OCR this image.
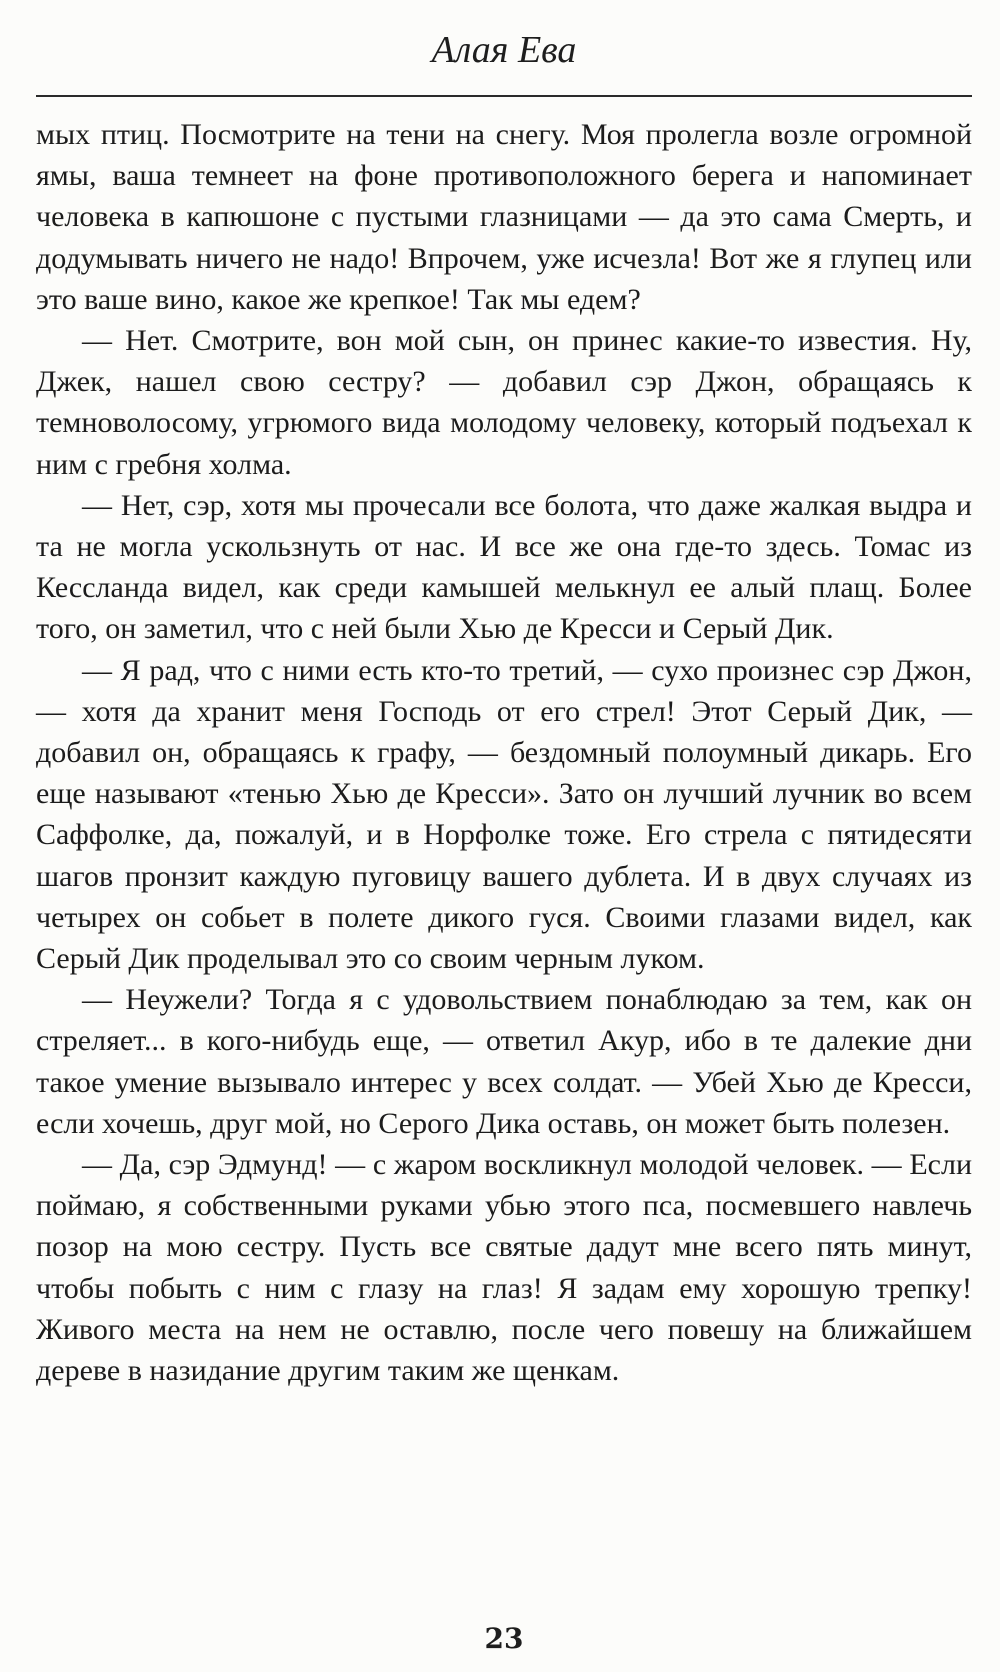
Алая Ева

мых птиц. Посмотрите на тени на снегу. Моя пролегла возле огромной ямы, ваша темнеет на фоне противоположного берега и напоминает человека в капюшоне с пустыми глазницами — да это сама Смерть, и додумывать ничего не надо! Впрочем, уже исчезла! Вот же я глупец или это ваше вино, какое же крепкое! Так мы едем?

— Нет. Смотрите, вон мой сын, он принес какие-то известия. Ну, Джек, нашел свою сестру? — добавил сэр Джон, обращаясь к темноволосому, угрюмого вида молодому человеку, который подъехал к ним с гребня холма.

— Нет, сэр, хотя мы прочесали все болота, что даже жалкая выдра и та не могла ускользнуть от нас. И все же она где-то здесь. Томас из Кессланда видел, как среди камышей мелькнул ее алый плащ. Более того, он заметил, что с ней были Хью де Кресси и Серый Дик.

— Я рад, что с ними есть кто-то третий, — сухо произнес сэр Джон, — хотя да хранит меня Господь от его стрел! Этот Серый Дик, — добавил он, обращаясь к графу, — бездомный полоумный дикарь. Его еще называют «тенью Хью де Кресси». Зато он лучший лучник во всем Саффолке, да, пожалуй, и в Норфолке тоже. Его стрела с пятидесяти шагов пронзит каждую пуговицу вашего дублета. И в двух случаях из четырех он собьет в полете дикого гуся. Своими глазами видел, как Серый Дик проделывал это со своим черным луком.

— Неужели? Тогда я с удовольствием понаблюдаю за тем, как он стреляет... в кого-нибудь еще, — ответил Акур, ибо в те далекие дни такое умение вызывало интерес у всех солдат. — Убей Хью де Кресси, если хочешь, друг мой, но Серого Дика оставь, он может быть полезен.

— Да, сэр Эдмунд! — с жаром воскликнул молодой человек. — Если поймаю, я собственными руками убью этого пса, посмевшего навлечь позор на мою сестру. Пусть все святые дадут мне всего пять минут, чтобы побыть с ним с глазу на глаз! Я задам ему хорошую трепку! Живого места на нем не оставлю, после чего повешу на ближайшем дереве в назидание другим таким же щенкам.

23
